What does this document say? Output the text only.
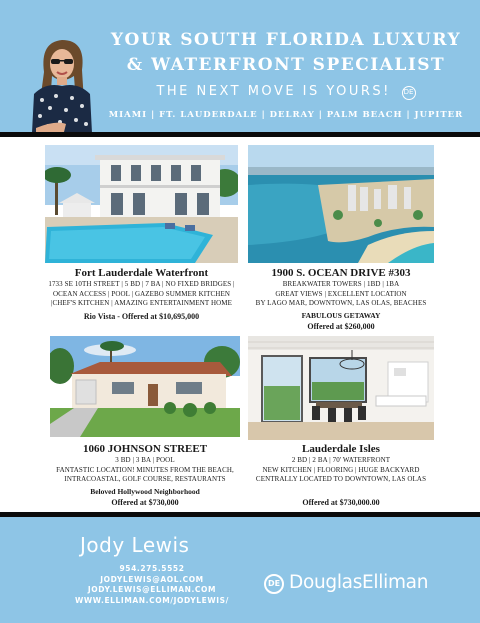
YOUR SOUTH FLORIDA LUXURY
& WATERFRONT SPECIALIST
THE NEXT MOVE IS YOURS! DE
MIAMI | FT. LAUDERDALE | DELRAY | PALM BEACH | JUPITER
Fort Lauderdale Waterfront
1733 SE 10TH STREET | 5 BD | 7 BA | NO FIXED BRIDGES |
OCEAN ACCESS | POOL | GAZEBO SUMMER KITCHEN
|CHEF'S KITCHEN | AMAZING ENTERTAINMENT HOME
Rio Vista - Offered at $10,695,000
1900 S. OCEAN DRIVE #303
BREAKWATER TOWERS | 1BD | 1BA
GREAT VIEWS | EXCELLENT LOCATION
BY LAGO MAR, DOWNTOWN, LAS OLAS, BEACHES
FABULOUS GETAWAY
Offered at $260,000
1060 JOHNSON STREET
3 BD | 3 BA | POOL
FANTASTIC LOCATION! MINUTES FROM THE BEACH,
INTRACOASTAL, GOLF COURSE, RESTAURANTS
Beloved Hollywood Neighborhood
Offered at $730,000
Lauderdale Isles
2 BD | 2 BA | 70' WATERFRONT
NEW KITCHEN | FLOORING | HUGE BACKYARD
CENTRALLY LOCATED TO DOWNTOWN, LAS OLAS
Offered at $730,000.00
Jody Lewis
954.275.5552
JODYLEWIS@AOL.COM
JODY.LEWIS@ELLIMAN.COM
WWW.ELLIMAN.COM/JODYLEWIS/
DE DouglasElliman
